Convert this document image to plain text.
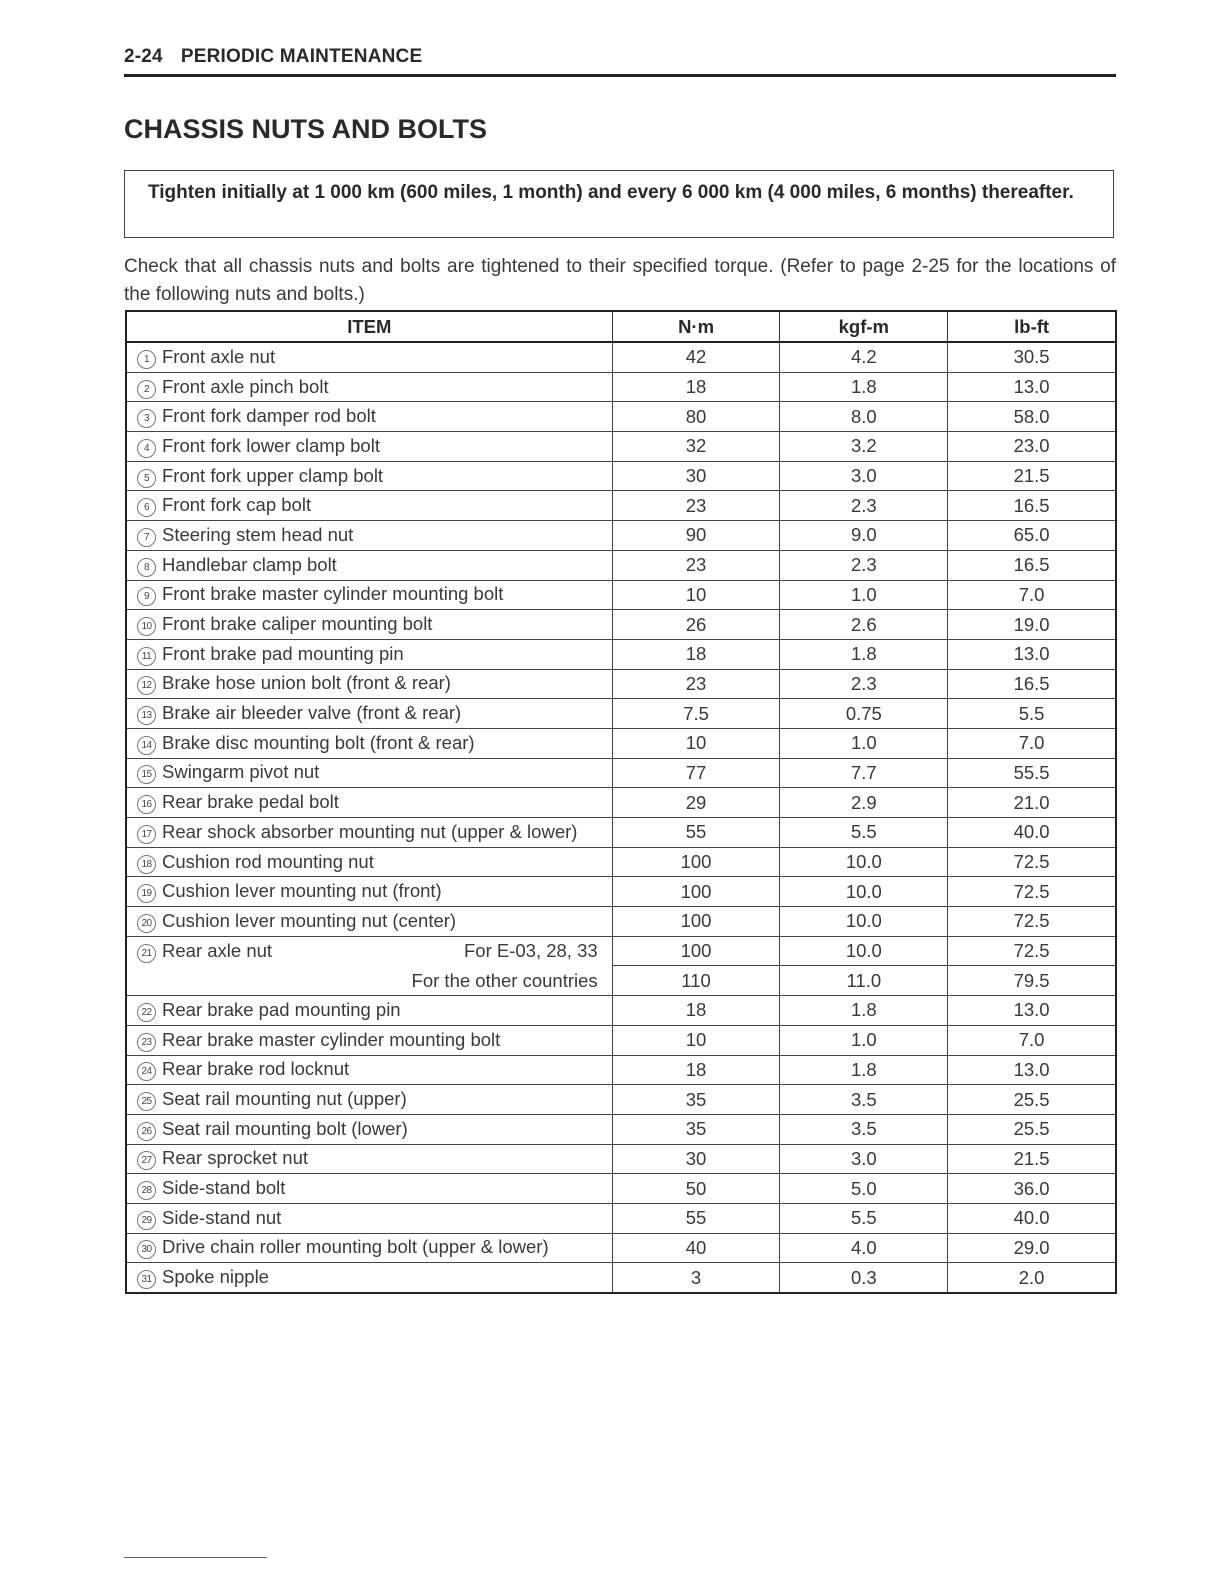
2-24 PERIODIC MAINTENANCE
CHASSIS NUTS AND BOLTS
Tighten initially at 1 000 km (600 miles, 1 month) and every 6 000 km (4 000 miles, 6 months) thereafter.
Check that all chassis nuts and bolts are tightened to their specified torque. (Refer to page 2-25 for the locations of the following nuts and bolts.)
ITEM	N·m	kgf-m	lb-ft
1 Front axle nut	42	4.2	30.5
2 Front axle pinch bolt	18	1.8	13.0
3 Front fork damper rod bolt	80	8.0	58.0
4 Front fork lower clamp bolt	32	3.2	23.0
5 Front fork upper clamp bolt	30	3.0	21.5
6 Front fork cap bolt	23	2.3	16.5
7 Steering stem head nut	90	9.0	65.0
8 Handlebar clamp bolt	23	2.3	16.5
9 Front brake master cylinder mounting bolt	10	1.0	7.0
10 Front brake caliper mounting bolt	26	2.6	19.0
11 Front brake pad mounting pin	18	1.8	13.0
12 Brake hose union bolt (front & rear)	23	2.3	16.5
13 Brake air bleeder valve (front & rear)	7.5	0.75	5.5
14 Brake disc mounting bolt (front & rear)	10	1.0	7.0
15 Swingarm pivot nut	77	7.7	55.5
16 Rear brake pedal bolt	29	2.9	21.0
17 Rear shock absorber mounting nut (upper & lower)	55	5.5	40.0
18 Cushion rod mounting nut	100	10.0	72.5
19 Cushion lever mounting nut (front)	100	10.0	72.5
20 Cushion lever mounting nut (center)	100	10.0	72.5

21 Rear axle nut For E-03, 28, 33	100	10.0	72.5
For the other countries	110	11.0	79.5
22 Rear brake pad mounting pin	18	1.8	13.0
23 Rear brake master cylinder mounting bolt	10	1.0	7.0
24 Rear brake rod locknut	18	1.8	13.0
25 Seat rail mounting nut (upper)	35	3.5	25.5
26 Seat rail mounting bolt (lower)	35	3.5	25.5
27 Rear sprocket nut	30	3.0	21.5
28 Side-stand bolt	50	5.0	36.0
29 Side-stand nut	55	5.5	40.0
30 Drive chain roller mounting bolt (upper & lower)	40	4.0	29.0
31 Spoke nipple	3	0.3	2.0
